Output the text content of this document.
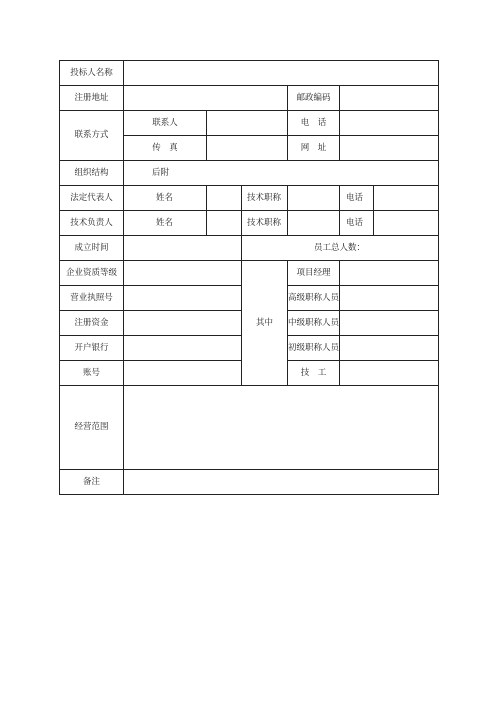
投标人名称					
注册地址				邮政编码	
联系方式	联系人			电　话	
	传　真			网　址	
组织结构	后附				
法定代表人	姓名		技术职称		电话

技术负责人	姓名		技术职称		电话

成立时间			员工总人数：		
企业资质等级			其中	项目经理	
营业执照号				高级职称人员	
注册资金				中级职称人员	
开户银行				初级职称人员	
账号				技　工	
经营范围					
备注					
